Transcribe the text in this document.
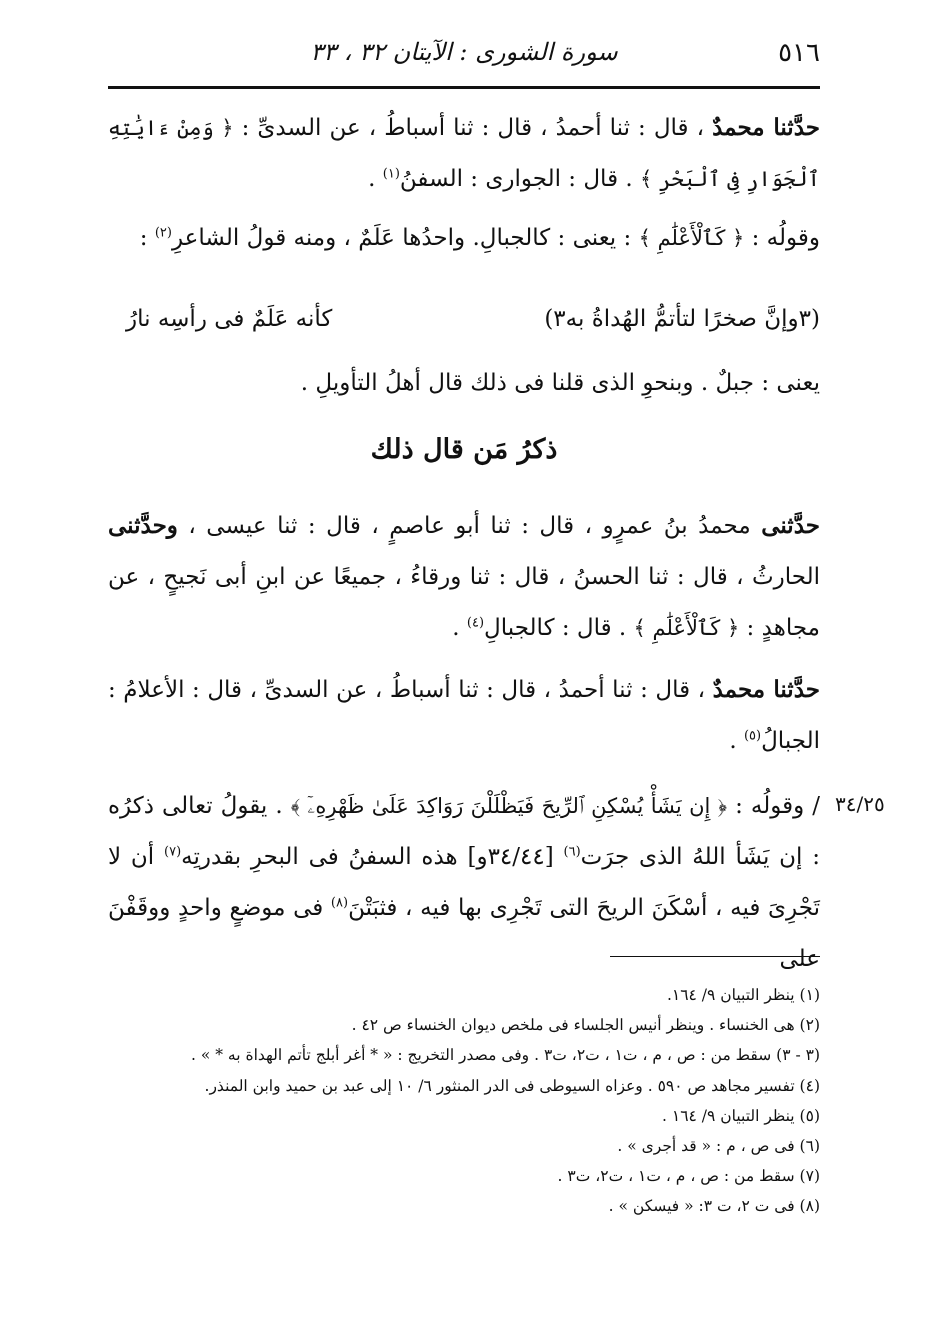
٥١٦
سورة الشورى : الآيتان ٣٢ ، ٣٣

حدَّثنا محمدٌ ، قال : ثنا أحمدُ ، قال : ثنا أسباطُ ، عن السدىِّ : ﴿ وَمِنْ ءَايَٰتِهِ ٱلْجَوَارِ فِى ٱلْبَحْرِ ﴾ . قال : الجوارى : السفنُ$^{(١)}$ .

وقولُه : ﴿ كَٱلْأَعْلَٰمِ ﴾ : يعنى : كالجبالِ. واحدُها عَلَمٌ ، ومنه قولُ الشاعرِ$^{(٢)}$ :

(٣وإنَّ صخرًا لتأتمُّ الهُداةُ به٣)
كأنه عَلَمٌ فى رأسِه نارُ

يعنى : جبلٌ . وبنحوِ الذى قلنا فى ذلك قال أهلُ التأويلِ .

ذكرُ مَن قال ذلك

حدَّثنى محمدُ بنُ عمرٍو ، قال : ثنا أبو عاصمٍ ، قال : ثنا عيسى ، وحدَّثنى الحارثُ ، قال : ثنا الحسنُ ، قال : ثنا ورقاءُ ، جميعًا عن ابنِ أبى نَجيحٍ ، عن مجاهدٍ : ﴿ كَٱلْأَعْلَٰمِ ﴾ . قال : كالجبالِ$^{(٤)}$ .

حدَّثنا محمدٌ ، قال : ثنا أحمدُ ، قال : ثنا أسباطُ ، عن السدىِّ ، قال : الأعلامُ : الجبالُ$^{(٥)}$ .

/ وقولُه : ﴿ إِن يَشَأْ يُسْكِنِ ٱلرِّيحَ فَيَظْلَلْنَ رَوَاكِدَ عَلَىٰ ظَهْرِهِۦٓ ﴾ . يقولُ تعالى ذكرُه : إن يَشَأ اللهُ الذى جرَت$^{(٦)}$ [٣٤/٤٤و] هذه السفنُ فى البحرِ بقدرتِه$^{(٧)}$ أن لا تَجْرِىَ فيه ، أسْكَنَ الريحَ التى تَجْرِى بها فيه ، فثبَتْنَ$^{(٨)}$ فى موضعٍ واحدٍ ووقَفْنَ على

٣٤/٢٥

(١) ينظر التبيان ٩/ ١٦٤.

(٢) هى الخنساء . وينظر أنيس الجلساء فى ملخص ديوان الخنساء ص ٤٢ .

(٣ - ٣) سقط من : ص ، م ، ت١ ، ت٢، ت٣ . وفى مصدر التخريج : « * أغر أبلج تأتم الهداة به * » .

(٤) تفسير مجاهد ص ٥٩٠ . وعزاه السيوطى فى الدر المنثور ٦/ ١٠ إلى عبد بن حميد وابن المنذر.

(٥) ينظر التبيان ٩/ ١٦٤ .

(٦) فى ص ، م : « قد أجرى » .

(٧) سقط من : ص ، م ، ت١ ، ت٢، ت٣ .

(٨) فى ت ٢، ت ٣: « فيسكن » .
